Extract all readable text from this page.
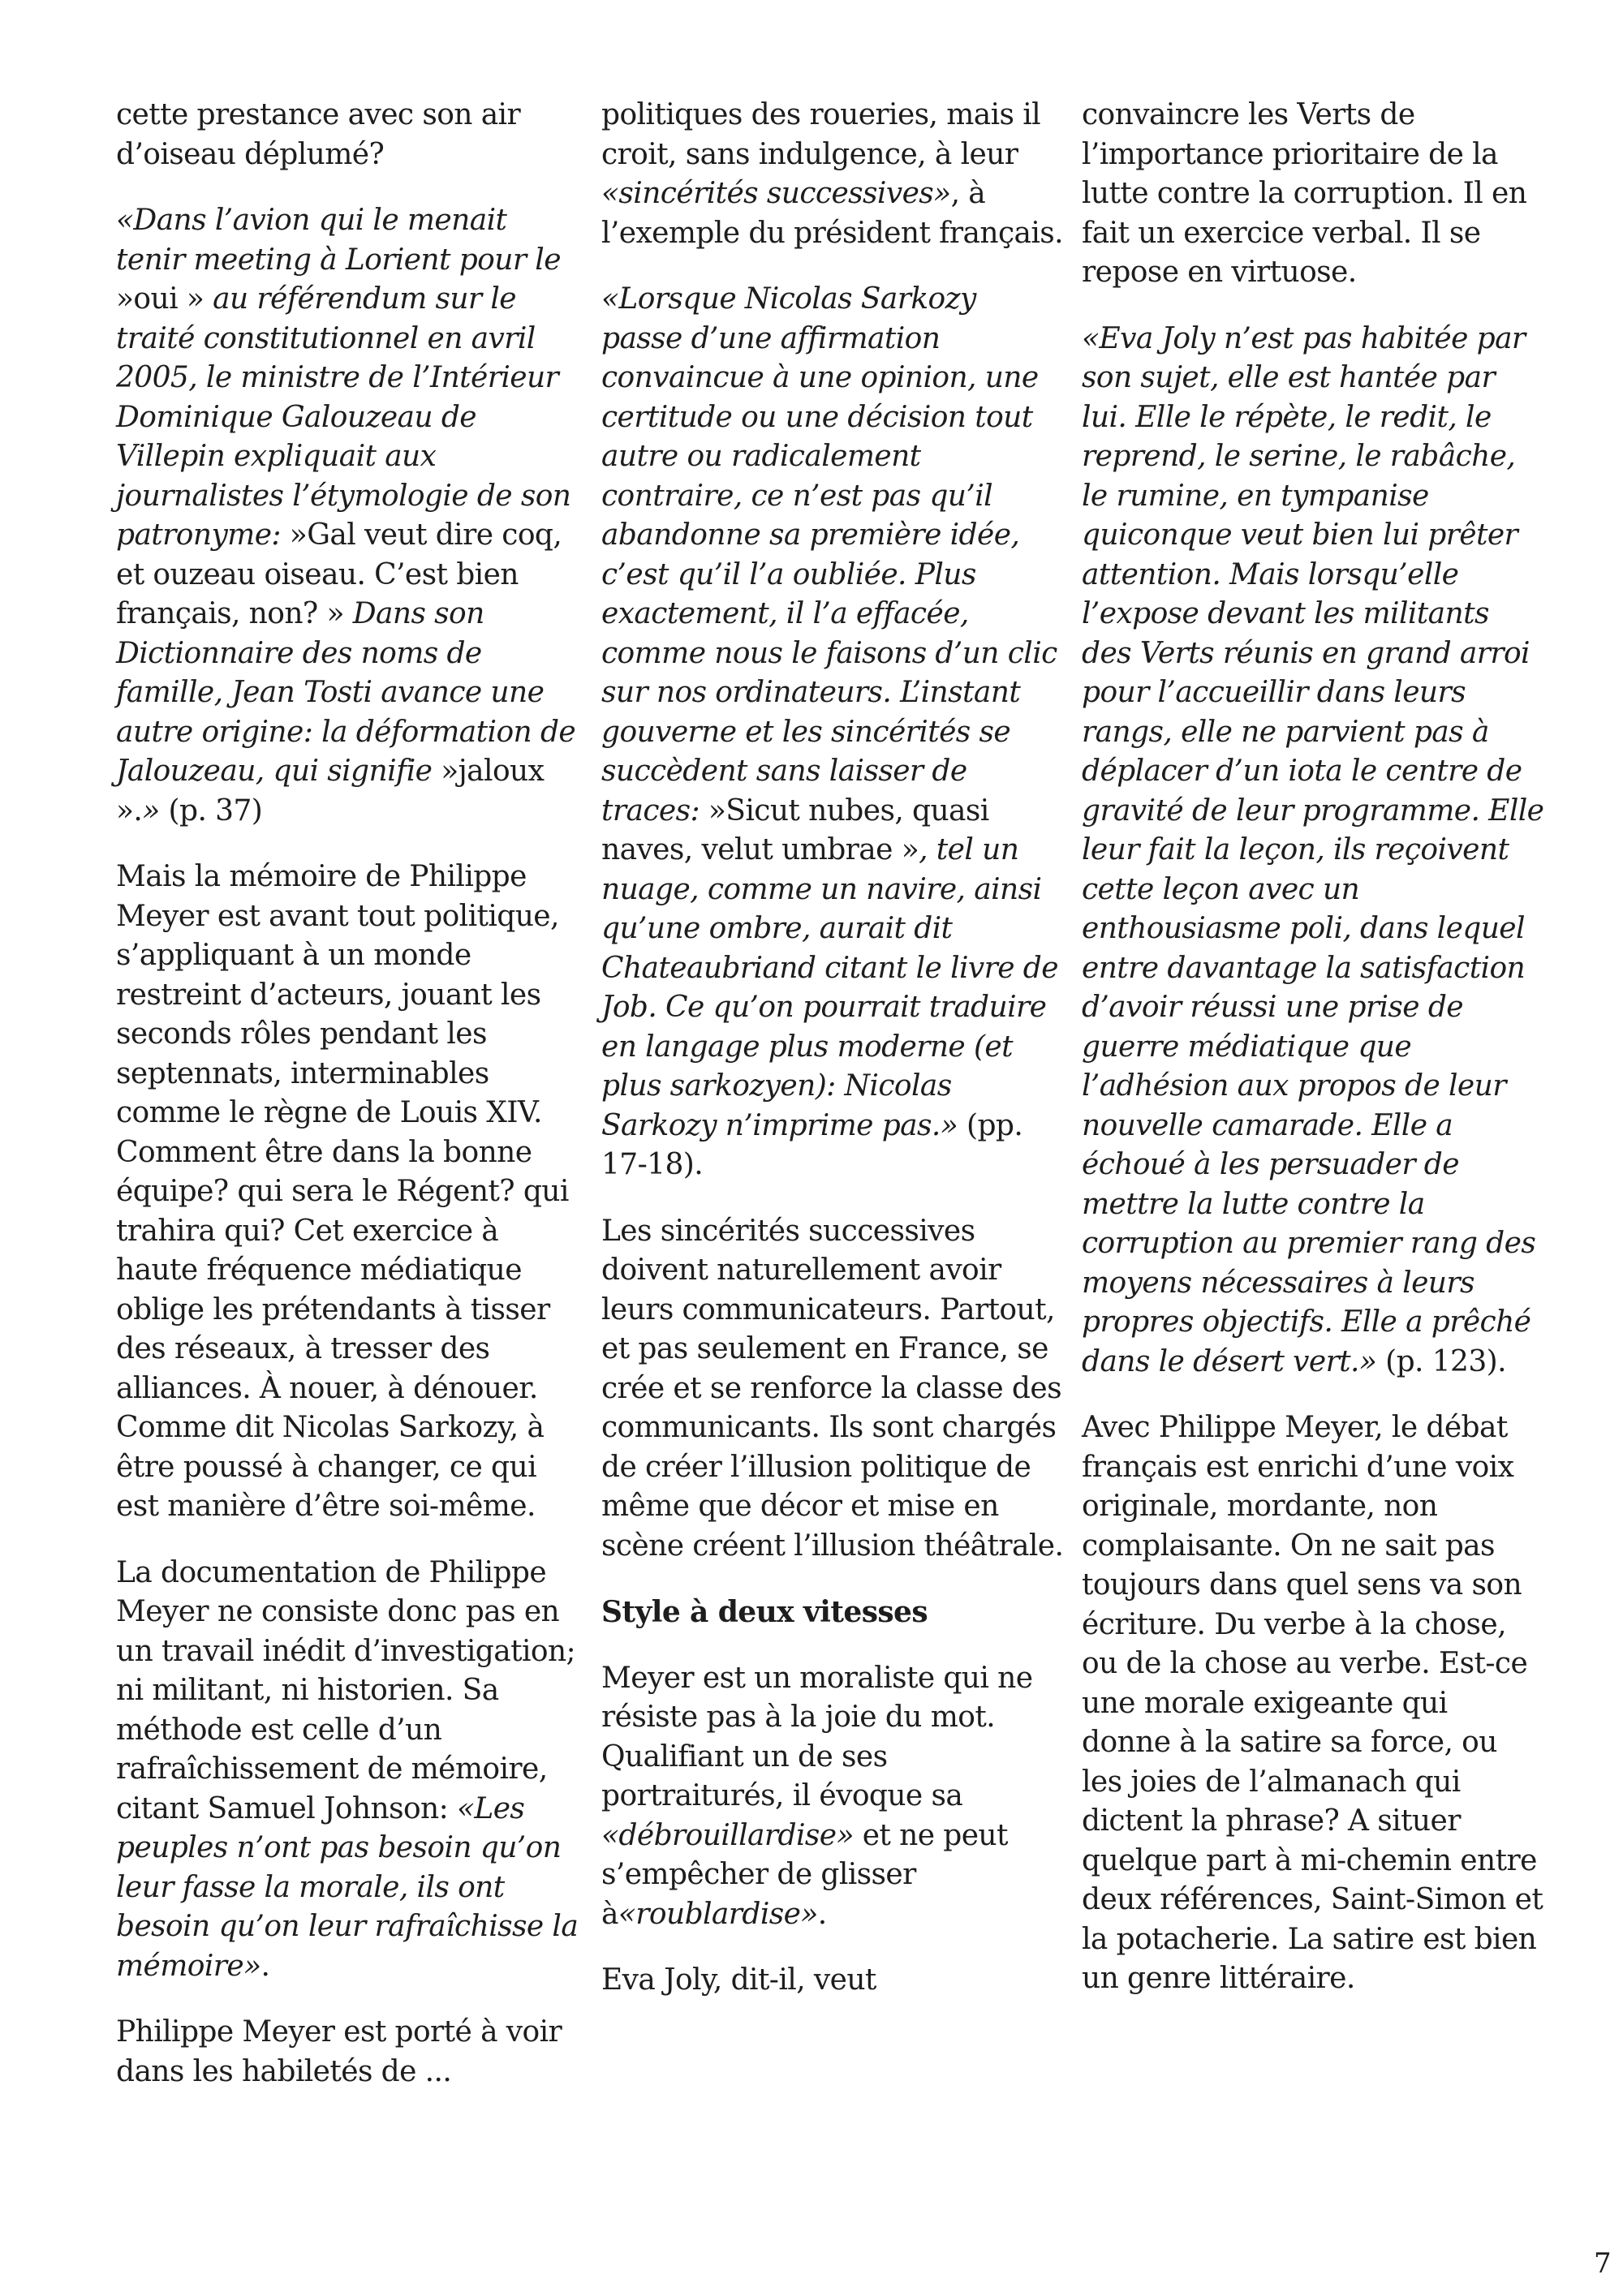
cette prestance avec son air d’oiseau déplumé?

«Dans l’avion qui le menait tenir meeting à Lorient pour le »oui » au référendum sur le traité constitutionnel en avril 2005, le ministre de l’Intérieur Dominique Galouzeau de Villepin expliquait aux journalistes l’étymologie de son patronyme: »Gal veut dire coq, et ouzeau oiseau. C’est bien français, non? » Dans son Dictionnaire des noms de famille, Jean Tosti avance une autre origine: la déformation de Jalouzeau, qui signifie »jaloux ».» (p. 37)

Mais la mémoire de Philippe Meyer est avant tout politique, s’appliquant à un monde restreint d’acteurs, jouant les seconds rôles pendant les septennats, interminables comme le règne de Louis XIV. Comment être dans la bonne équipe? qui sera le Régent? qui trahira qui? Cet exercice à haute fréquence médiatique oblige les prétendants à tisser des réseaux, à tresser des alliances. À nouer, à dénouer. Comme dit Nicolas Sarkozy, à être poussé à changer, ce qui est manière d’être soi-même.

La documentation de Philippe Meyer ne consiste donc pas en un travail inédit d’investigation; ni militant, ni historien. Sa méthode est celle d’un rafraîchissement de mémoire, citant Samuel Johnson: «Les peuples n’ont pas besoin qu’on leur fasse la morale, ils ont besoin qu’on leur rafraîchisse la mémoire».

Philippe Meyer est porté à voir dans les habiletés de ...

politiques des roueries, mais il croit, sans indulgence, à leur «sincérités successives», à l’exemple du président français.

«Lorsque Nicolas Sarkozy passe d’une affirmation convaincue à une opinion, une certitude ou une décision tout autre ou radicalement contraire, ce n’est pas qu’il abandonne sa première idée, c’est qu’il l’a oubliée. Plus exactement, il l’a effacée, comme nous le faisons d’un clic sur nos ordinateurs. L’instant gouverne et les sincérités se succèdent sans laisser de traces: »Sicut nubes, quasi naves, velut umbrae », tel un nuage, comme un navire, ainsi qu’une ombre, aurait dit Chateaubriand citant le livre de Job. Ce qu’on pourrait traduire en langage plus moderne (et plus sarkozyen): Nicolas Sarkozy n’imprime pas.» (pp. 17-18).

Les sincérités successives doivent naturellement avoir leurs communicateurs. Partout, et pas seulement en France, se crée et se renforce la classe des communicants. Ils sont chargés de créer l’illusion politique de même que décor et mise en scène créent l’illusion théâtrale.

Style à deux vitesses

Meyer est un moraliste qui ne résiste pas à la joie du mot. Qualifiant un de ses portraiturés, il évoque sa «débrouillardise» et ne peut s’empêcher de glisser à«roublardise».

Eva Joly, dit-il, veut

convaincre les Verts de l’importance prioritaire de la lutte contre la corruption. Il en fait un exercice verbal. Il se repose en virtuose.

«Eva Joly n’est pas habitée par son sujet, elle est hantée par lui. Elle le répète, le redit, le reprend, le serine, le rabâche, le rumine, en tympanise quiconque veut bien lui prêter attention. Mais lorsqu’elle l’expose devant les militants des Verts réunis en grand arroi pour l’accueillir dans leurs rangs, elle ne parvient pas à déplacer d’un iota le centre de gravité de leur programme. Elle leur fait la leçon, ils reçoivent cette leçon avec un enthousiasme poli, dans lequel entre davantage la satisfaction d’avoir réussi une prise de guerre médiatique que l’adhésion aux propos de leur nouvelle camarade. Elle a échoué à les persuader de mettre la lutte contre la corruption au premier rang des moyens nécessaires à leurs propres objectifs. Elle a prêché dans le désert vert.» (p. 123).

Avec Philippe Meyer, le débat français est enrichi d’une voix originale, mordante, non complaisante. On ne sait pas toujours dans quel sens va son écriture. Du verbe à la chose, ou de la chose au verbe. Est-ce une morale exigeante qui donne à la satire sa force, ou les joies de l’almanach qui dictent la phrase? A situer quelque part à mi-chemin entre deux références, Saint-Simon et la potacherie. La satire est bien un genre littéraire.

7
